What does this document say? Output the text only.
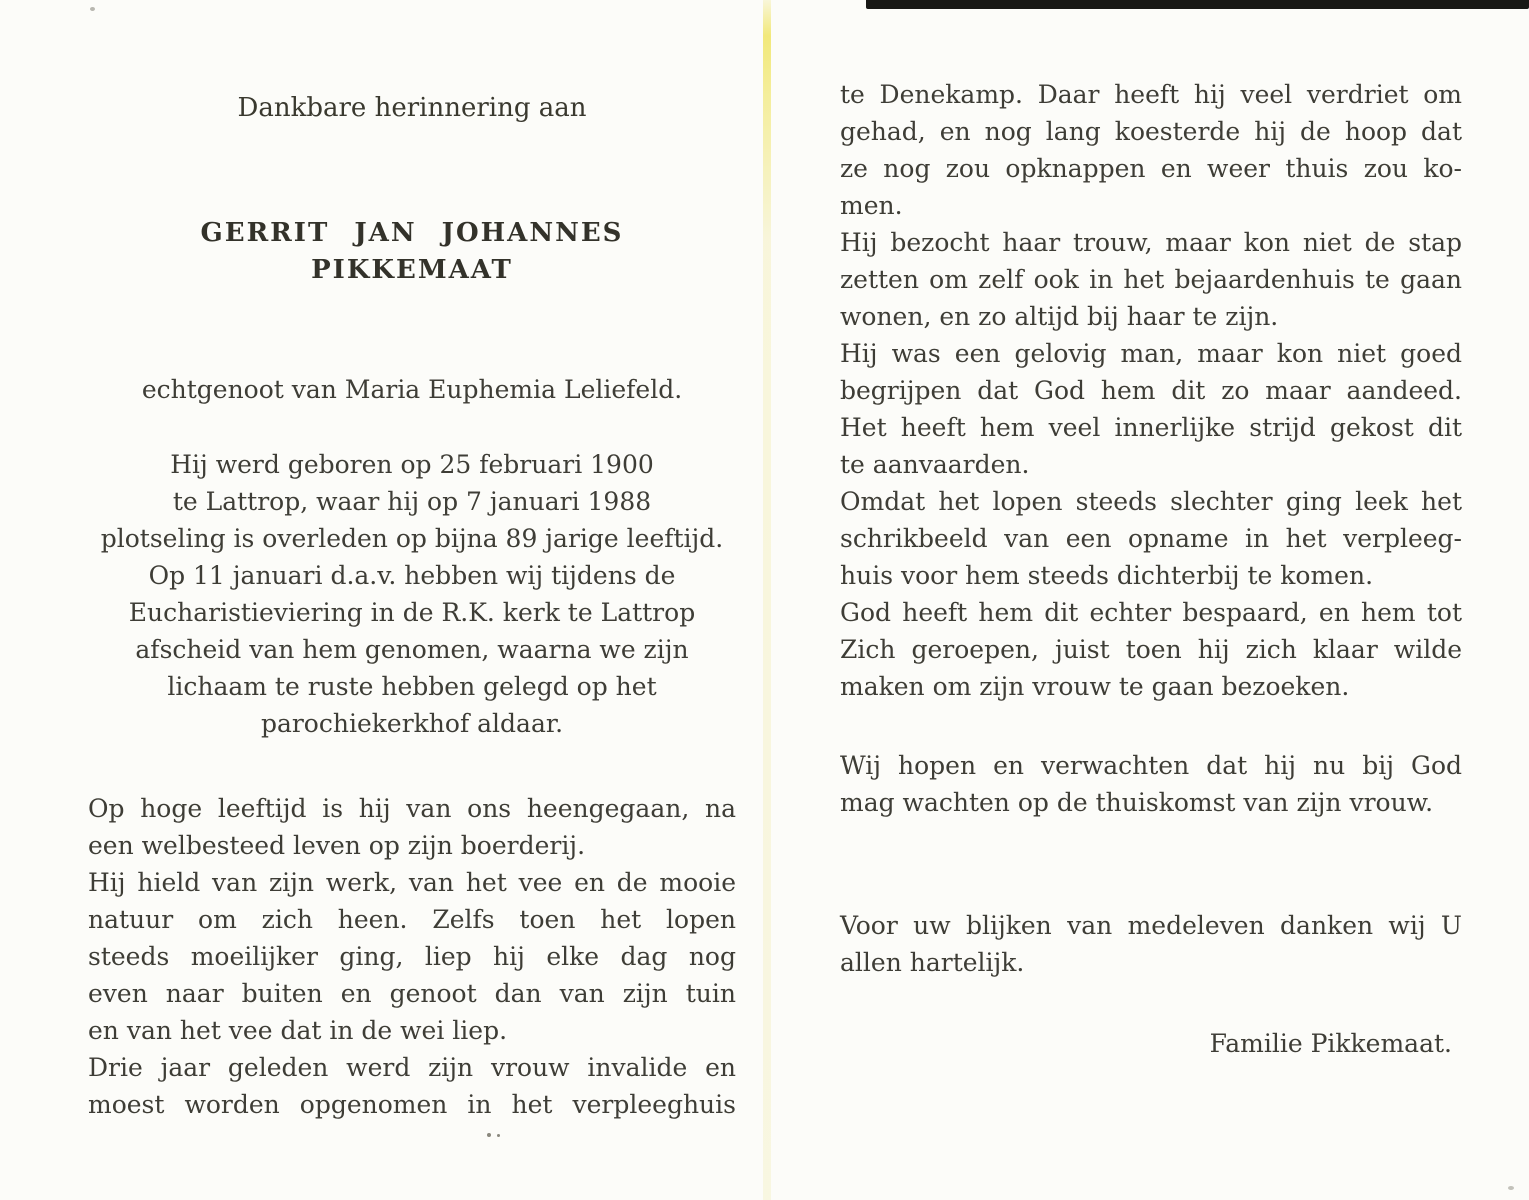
Dankbare herinnering aan
GERRIT JAN JOHANNES PIKKEMAAT
echtgenoot van Maria Euphemia Leliefeld.
Hij werd geboren op 25 februari 1900
te Lattrop, waar hij op 7 januari 1988
plotseling is overleden op bijna 89 jarige leeftijd.
Op 11 januari d.a.v. hebben wij tijdens de
Eucharistieviering in de R.K. kerk te Lattrop
afscheid van hem genomen, waarna we zijn
lichaam te ruste hebben gelegd op het
parochiekerkhof aldaar.
Op hoge leeftijd is hij van ons heengegaan, na
een welbesteed leven op zijn boerderij.
Hij hield van zijn werk, van het vee en de mooie
natuur om zich heen. Zelfs toen het lopen
steeds moeilijker ging, liep hij elke dag nog
even naar buiten en genoot dan van zijn tuin
en van het vee dat in de wei liep.
Drie jaar geleden werd zijn vrouw invalide en
moest worden opgenomen in het verpleeghuis
te Denekamp. Daar heeft hij veel verdriet om
gehad, en nog lang koesterde hij de hoop dat
ze nog zou opknappen en weer thuis zou ko-
men.
Hij bezocht haar trouw, maar kon niet de stap
zetten om zelf ook in het bejaardenhuis te gaan
wonen, en zo altijd bij haar te zijn.
Hij was een gelovig man, maar kon niet goed
begrijpen dat God hem dit zo maar aandeed.
Het heeft hem veel innerlijke strijd gekost dit
te aanvaarden.
Omdat het lopen steeds slechter ging leek het
schrikbeeld van een opname in het verpleeg-
huis voor hem steeds dichterbij te komen.
God heeft hem dit echter bespaard, en hem tot
Zich geroepen, juist toen hij zich klaar wilde
maken om zijn vrouw te gaan bezoeken.
Wij hopen en verwachten dat hij nu bij God
mag wachten op de thuiskomst van zijn vrouw.
Voor uw blijken van medeleven danken wij U
allen hartelijk.
Familie Pikkemaat.
